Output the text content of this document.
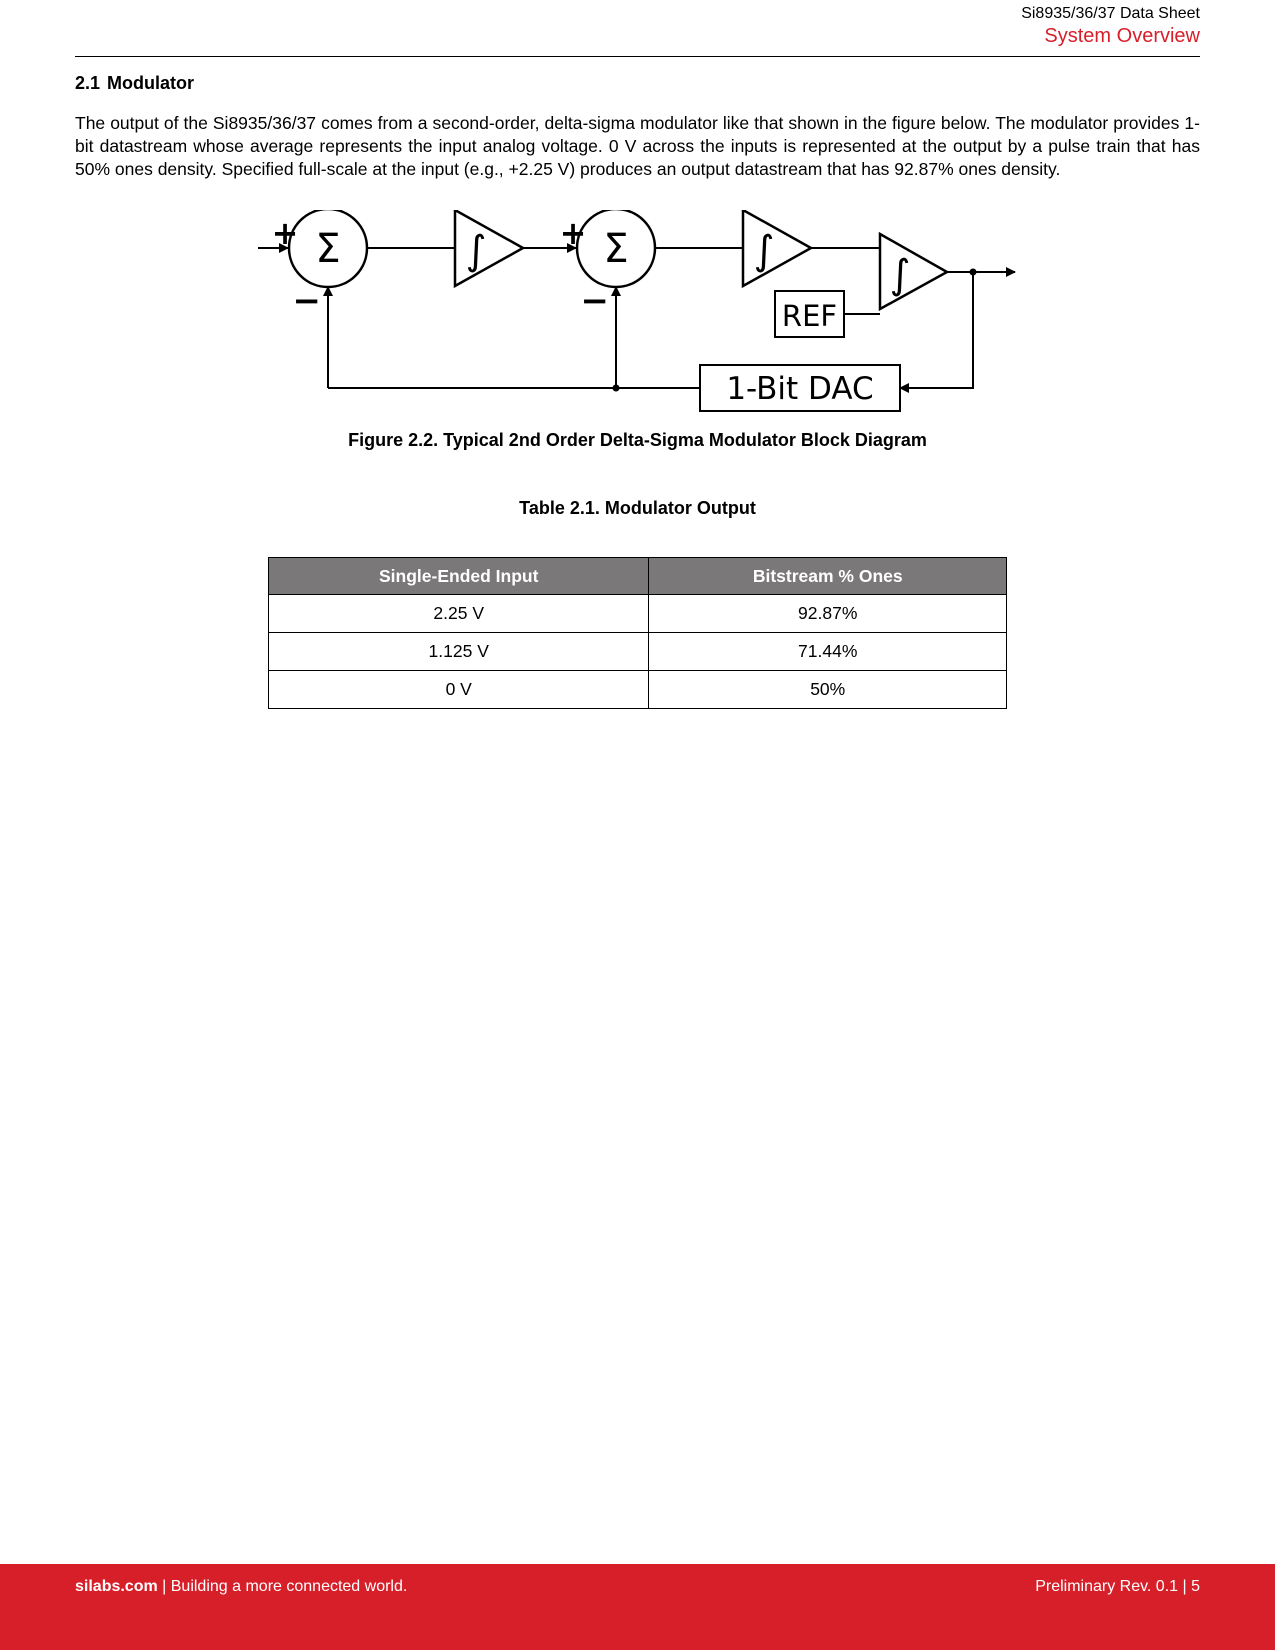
Si8935/36/37 Data Sheet
System Overview
2.1 Modulator
The output of the Si8935/36/37 comes from a second-order, delta-sigma modulator like that shown in the figure below. The modulator provides 1-bit datastream whose average represents the input analog voltage. 0 V across the inputs is represented at the output by a pulse train that has 50% ones density. Specified full-scale at the input (e.g., +2.25 V) produces an output datastream that has 92.87% ones density.
Σ	Σ
∫	∫
∫
+	+
−	−	REF
1-Bit DAC
Figure 2.2. Typical 2nd Order Delta-Sigma Modulator Block Diagram
Table 2.1. Modulator Output
Single-Ended Input	Bitstream % Ones
2.25 V	92.87%
1.125 V	71.44%
0 V	50%
silabs.com | Building a more connected world.	Preliminary Rev. 0.1 | 5
